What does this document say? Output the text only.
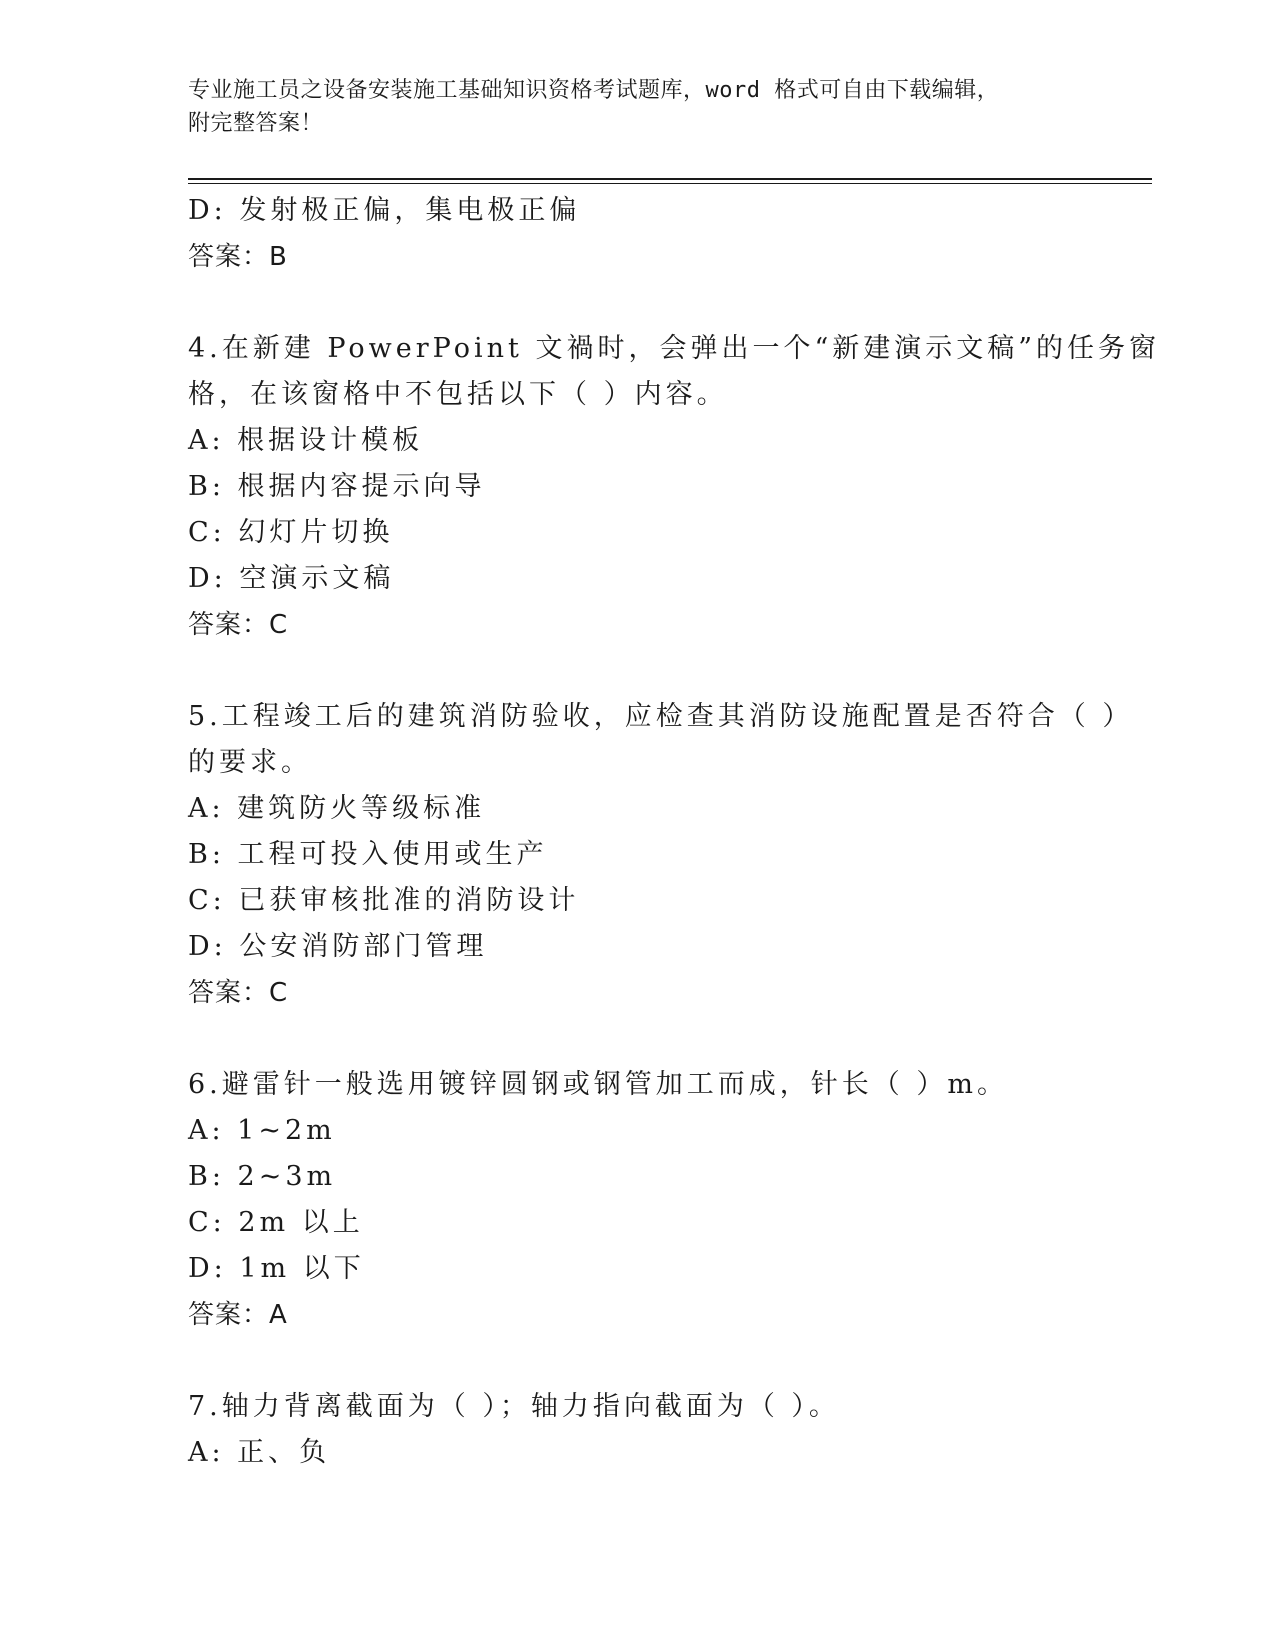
专业施工员之设备安装施工基础知识资格考试题库，word 格式可自由下载编辑，
附完整答案！
D: 发射极正偏，集电极正偏
答案：B
4.在新建 PowerPoint 文禍时，会弹出一个“新建演示文稿”的任务窗
格，在该窗格中不包括以下（ ）内容。
A: 根据设计模板
B: 根据内容提示向导
C: 幻灯片切换
D: 空演示文稿
答案：C
5.工程竣工后的建筑消防验收，应检查其消防设施配置是否符合（ ）
的要求。
A: 建筑防火等级标准
B: 工程可投入使用或生产
C: 已获审核批准的消防设计
D: 公安消防部门管理
答案：C
6.避雷针一般选用镀锌圆钢或钢管加工而成，针长（ ）m。
A: 1~2m
B: 2~3m
C: 2m 以上
D: 1m 以下
答案：A
7.轴力背离截面为（ ）；轴力指向截面为（ ）。
A: 正、负
